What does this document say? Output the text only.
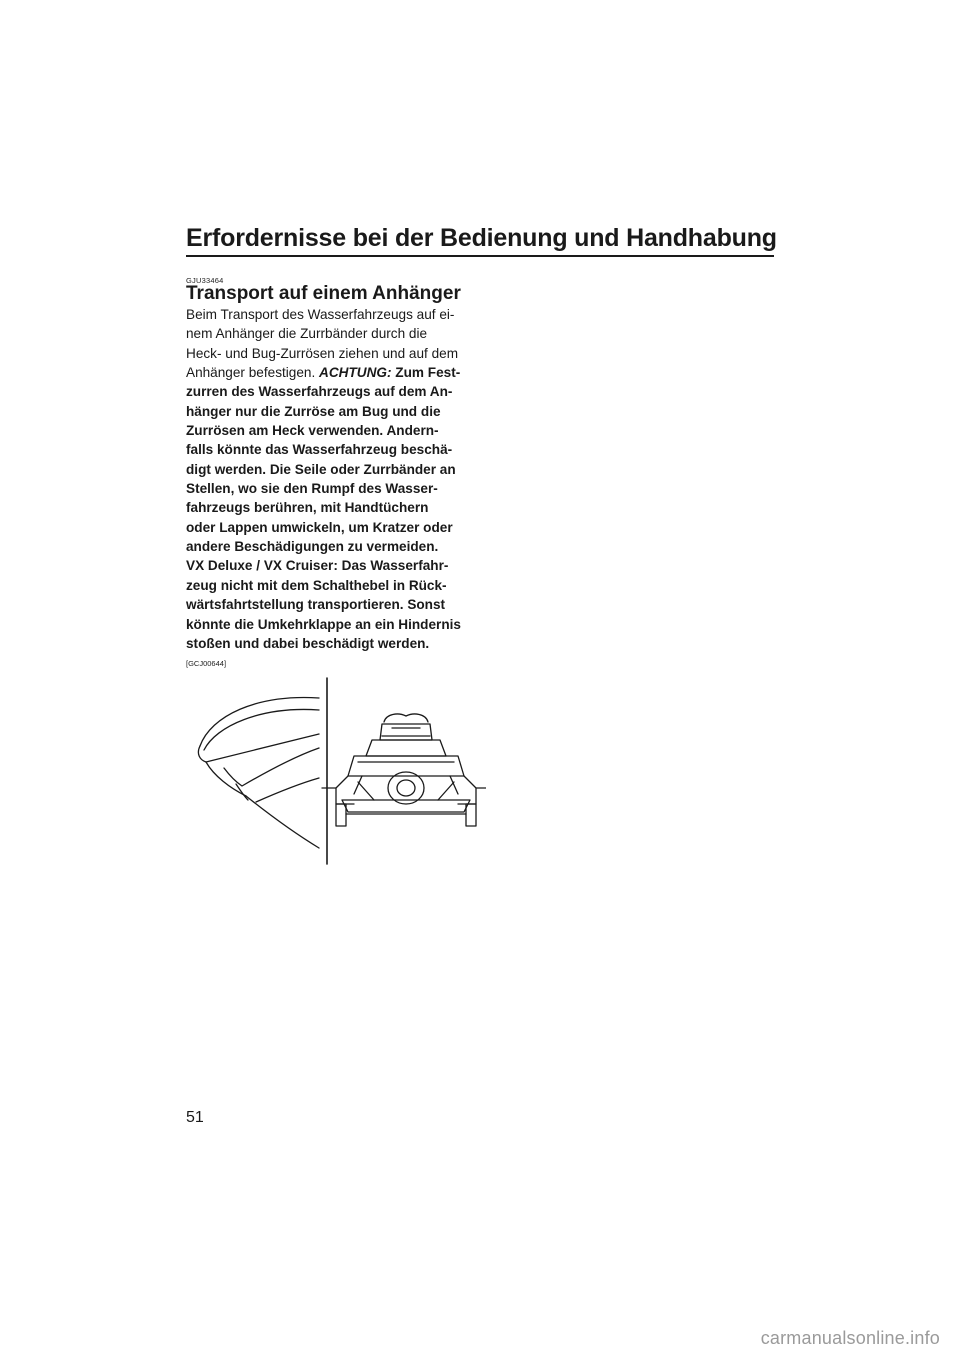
Erfordernisse bei der Bedienung und Handhabung
GJU33464
Transport auf einem Anhänger
Beim Transport des Wasserfahrzeugs auf ei-
nem Anhänger die Zurrbänder durch die
Heck- und Bug-Zurrösen ziehen und auf dem
Anhänger befestigen. ACHTUNG: Zum Fest-
zurren des Wasserfahrzeugs auf dem An-
hänger nur die Zurröse am Bug und die
Zurrösen am Heck verwenden. Andern-
falls könnte das Wasserfahrzeug beschä-
digt werden. Die Seile oder Zurrbänder an
Stellen, wo sie den Rumpf des Wasser-
fahrzeugs berühren, mit Handtüchern
oder Lappen umwickeln, um Kratzer oder
andere Beschädigungen zu vermeiden.
VX Deluxe / VX Cruiser: Das Wasserfahr-
zeug nicht mit dem Schalthebel in Rück-
wärtsfahrtstellung transportieren. Sonst
könnte die Umkehrklappe an ein Hindernis
stoßen und dabei beschädigt werden.
[GCJ00644]
51
carmanualsonline.info
